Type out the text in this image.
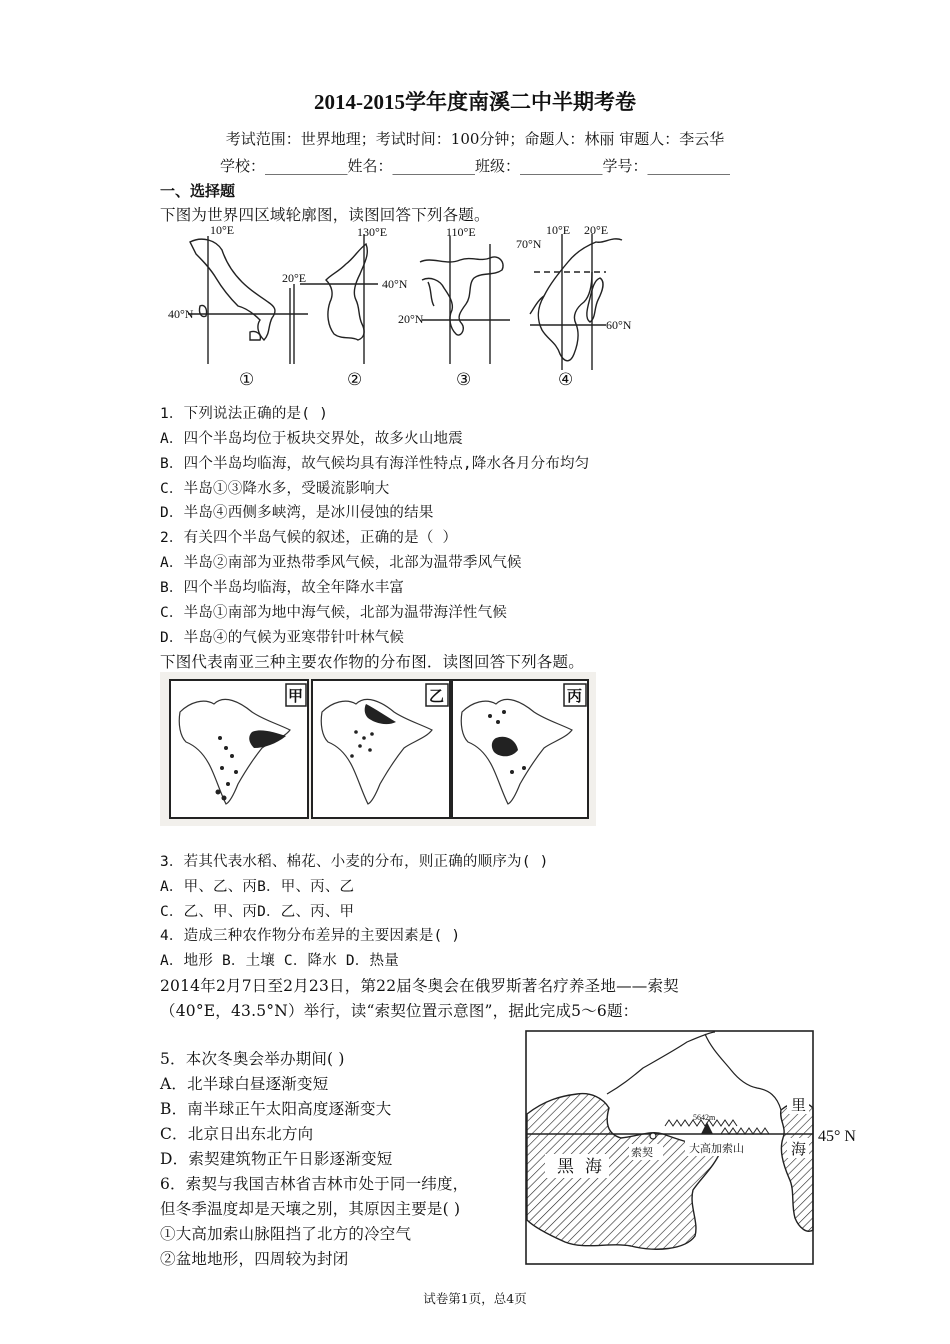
2014-2015学年度南溪二中半期考卷
考试范围：世界地理；考试时间：100分钟；命题人：林丽 审题人：李云华
学校：___________姓名：___________班级：___________学号：___________
一、选择题
下图为世界四区域轮廓图，读图回答下列各题。
10°E
20°E
40°N
130°E
40°N
110°E
20°N
10°E 20°E
70°N
60°N
①	②	③	④
1．下列说法正确的是( )
A．四个半岛均位于板块交界处，故多火山地震
B．四个半岛均临海，故气候均具有海洋性特点,降水各月分布均匀
C．半岛①③降水多，受暖流影响大
D．半岛④西侧多峡湾，是冰川侵蚀的结果
2．有关四个半岛气候的叙述，正确的是（ ）
A．半岛②南部为亚热带季风气候，北部为温带季风气候
B．四个半岛均临海，故全年降水丰富
C．半岛①南部为地中海气候，北部为温带海洋性气候
D．半岛④的气候为亚寒带针叶林气候
下图代表南亚三种主要农作物的分布图．读图回答下列各题。
甲	乙	丙
3．若其代表水稻、棉花、小麦的分布，则正确的顺序为( )
A．甲、乙、丙B．甲、丙、乙
C．乙、甲、丙D．乙、丙、甲
4．造成三种农作物分布差异的主要因素是( )
A．地形 B．土壤 C．降水 D．热量
2014年2月7日至2月23日，第22届冬奥会在俄罗斯著名疗养圣地——索契
（40°E，43.5°N）举行，读“索契位置示意图”，据此完成5～6题：
5．本次冬奥会举办期间( )
A．北半球白昼逐渐变短
B．南半球正午太阳高度逐渐变大
C．北京日出东北方向
D．索契建筑物正午日影逐渐变短
6．索契与我国吉林省吉林市处于同一纬度，
但冬季温度却是天壤之别，其原因主要是( )
①大高加索山脉阻挡了北方的冷空气
②盆地地形，四周较为封闭
黑 海
索契	大高加索山
5642m
里
海
45° N
试卷第1页，总4页
